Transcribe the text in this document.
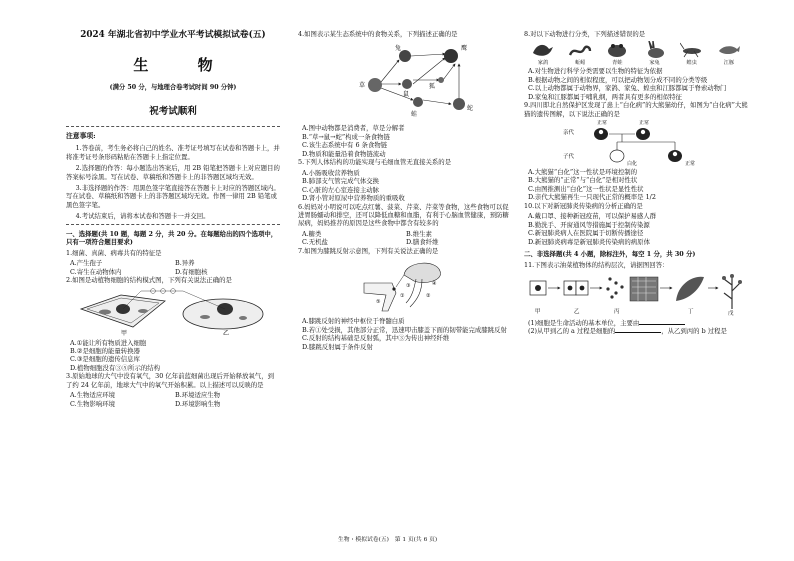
2024 年湖北省初中学业水平考试模拟试卷(五)
生 物
(满分 50 分，与地理合卷考试时间 90 分钟)
祝考试顺利
注意事项:

1.答卷前，考生务必将自己的姓名、准考证号填写在试卷和答题卡上，并将准考证号条形码粘贴在答题卡上指定位置。

2.选择题的作答：每小题选出答案后，用 2B 铅笔把答题卡上对应题目的答案标号涂黑。写在试卷、草稿纸和答题卡上的非答题区域均无效。

3.非选择题的作答：用黑色签字笔直接答在答题卡上对应的答题区域内。写在试卷、草稿纸和答题卡上的非答题区域均无效。作图一律用 2B 铅笔或黑色签字笔。

4.考试结束后，请将本试卷和答题卡一并交回。

一、选择题(共 10 题，每题 2 分，共 20 分。在每题给出的四个选项中，只有一项符合题目要求)

1.细菌、真菌、病毒共有的特征是

A.产生孢子	B.异养
C.寄生在动物体内	D.有细胞核

2.如图是动植物细胞的结构模式图，下列有关说法正确的是

甲	乙

A.①能让所有物质进入细胞

B.②是细胞的能量转换器

C.③是细胞的遗传信息库

D.植物细胞没有③⑤所示的结构

3.原始地球的大气中没有氧气，30 亿年前蓝细菌出现后开始释放氧气，到了约 24 亿年前，地球大气中的氧气开始积累。以上描述可以反映的是

A.生物适应环境	B.环境适应生物
C.生物影响环境	D.环境影响生物

4.如图表示某生态系统中的食物关系，下列描述正确的是

草
兔
鼠
狐
蛇
鹰
蛙

A.图中动物都是消费者，草是分解者

B.“草→鼠→蛇”构成一条食物链

C.该生态系统中有 6 条食物链

D.物质和能量沿着食物链流动

5.下列人体结构的功能实现与毛细血管无直接关系的是

A.小肠吸收营养物质

B.肺部支气管完成气体交换

C.心脏的左心室连接主动脉

D.肾小管对原尿中营养物质的重吸收

6.妈妈对小明说可以吃点红薯、菠菜、芹菜、芹菜等食物，这些食物可以促进胃肠蠕动和排空，还可以降低血糖和血脂，有利于心脑血管健康，预防糖尿病，妈妈推荐的原因是这些食物中都含有较多的

A.糖类	B.维生素
C.无机盐	D.膳食纤维

7.如图为膝跳反射示意图，下列有关说法正确的是

①	②
③	④
⑤

A.膝跳反射的神经中枢位于脊髓白质

B.若①处受损，其他部分正常，迅速叩击膝盖下面的韧带能完成膝跳反射

C.反射的结构基础是反射弧，其中③为传出神经纤维

D.膝跳反射属于条件反射

8.对以下动物进行分类，下列描述错误的是

家鸽	蚯蚓	青蛙	家兔	蝗虫	江豚

A.对生物进行科学分类需要以生物的特征为依据

B.根据动物之间的相似程度，可以把动物划分成不同的分类等级

C.以上动物都属于动物界，家鸽、家兔、蝗虫和江豚都属于脊索动物门

D.家兔和江豚都属于哺乳纲，两者具有更多的相似特征

9.四川即北自然保护区发现了患上“白化病”的大熊猫幼仔，如图为“白化病”大熊猫的遗传图解，以下说法正确的是

亲代
子代
正常	正常
白化	正常

A.大熊猫“白化”这一性状是环境控制的

B.大熊猫的“正常”与“白化”是相对性状

C.由图推测出“白化”这一性状是显性性状

D.亲代大熊猫再生一只现代正常的概率是 1/2

10.以下对新冠肺炎传染病的分析正确的是

A.戴口罩、接种新冠疫苗，可以保护易感人群

B.勤洗手、开窗通风等措施属于控制传染源

C.新冠肺炎病人在医院属于切断传播途径

D.新冠肺炎病毒是新冠肺炎传染病的病原体

二、非选择题(共 4 小题，除标注外，每空 1 分，共 30 分)

11.下图表示油菜植物体的结构层次，请据图回答：

甲	乙	丙	丁	戊

(1)细胞是生命活动的基本单位，主要由

(2)从甲到乙的 a 过程是细胞的	，从乙到丙的 b 过程是

生物・模拟试卷(五)　第 1 页(共 6 页)
